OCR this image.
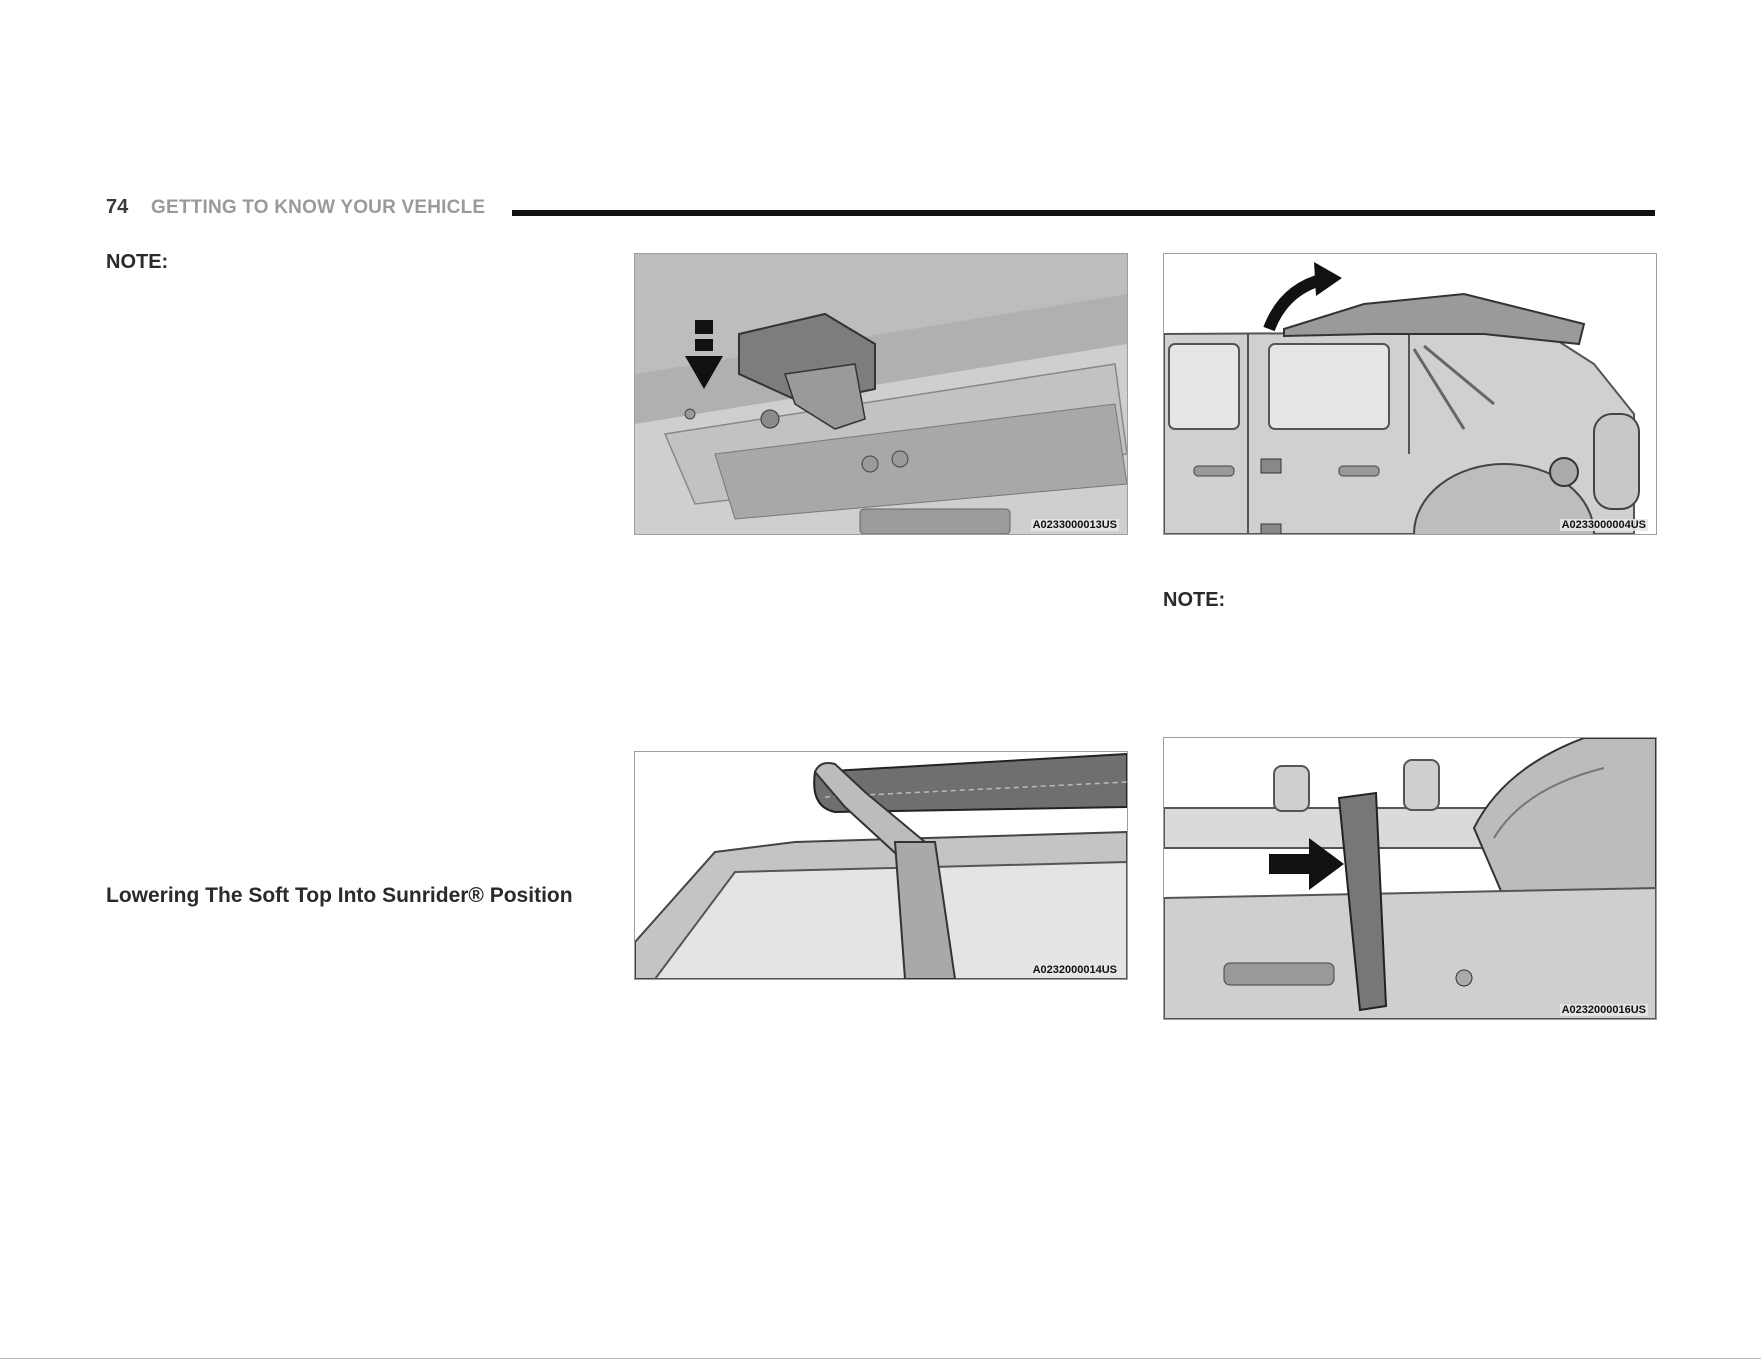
74 GETTING TO KNOW YOUR VEHICLE
NOTE:
Lowering The Soft Top Into Sunrider® Position
NOTE:
A0233000013US	A0233000004US
A0232000014US
A0232000016US
